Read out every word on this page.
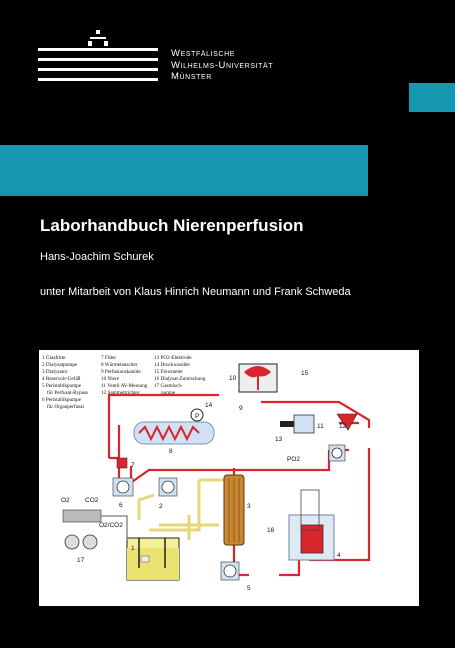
Westfälische
Wilhelms-Universität
Münster
Laborhandbuch Nierenperfusion
Hans-Joachim Schurek
unter Mitarbeit von Klaus Hinrich Neumann und Frank Schweda
1 Glasfritte
2 Dialysatpumpe
3 Dialysator
4 Reservoir-Gefäß
5 Peristaltikpumpe
für Perfusat-Bypass
6 Peristaltikpumpe
für Organperfusat
7 Filter
8 Wärmetauscher
9 Perfusionskanüle
10 Niere
11 Ventil AV-Messung
12 Sammeltrichter
13 PO2-Elektrode
14 Druckwandler
15 Flowmeter
16 Dialysat-Zumischung
17 Gasmisch-
pumpe
P
O2 CO2
O2/CO2
PO2
1
2	3
4
5
6
7
8
9
10
11 12
13
14
15
16
17
